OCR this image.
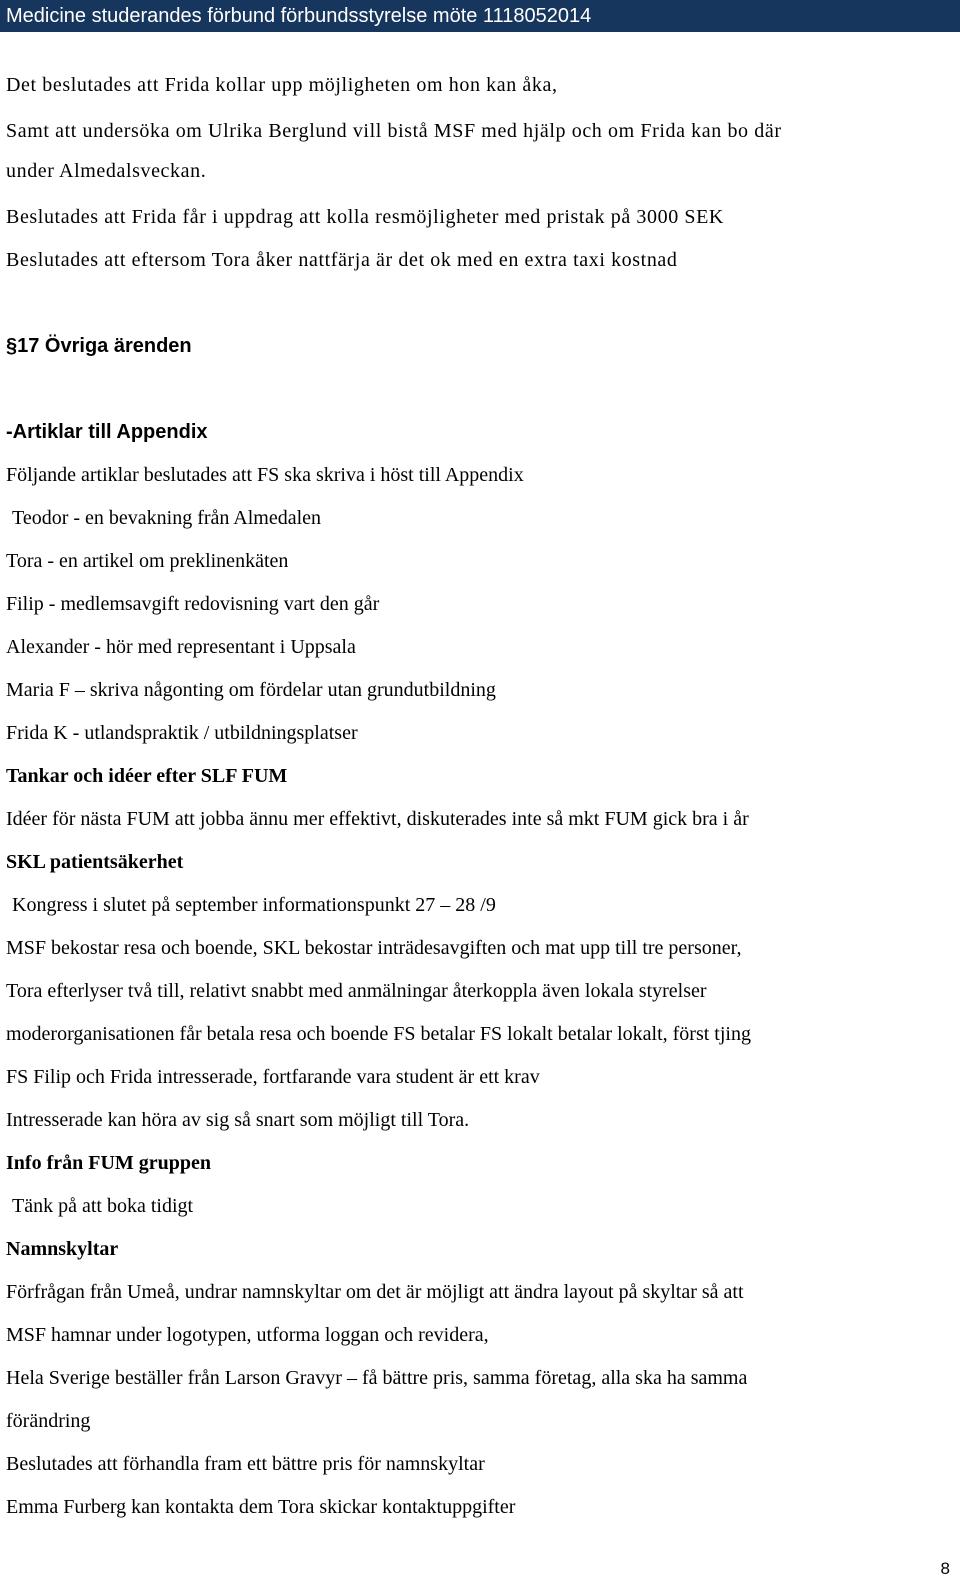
Medicine studerandes förbund förbundsstyrelse möte 1118052014
Det beslutades att Frida kollar upp möjligheten om hon kan åka,
Samt att undersöka om Ulrika Berglund vill bistå MSF med hjälp och om Frida kan bo där
under Almedalsveckan.
Beslutades att Frida får i uppdrag att kolla resmöjligheter med pristak på 3000 SEK
Beslutades att eftersom Tora åker nattfärja är det ok med en extra taxi kostnad
§17 Övriga ärenden
-Artiklar till Appendix
Följande artiklar beslutades att FS ska skriva i höst till Appendix
Teodor - en bevakning från Almedalen
Tora - en artikel om preklinenkäten
Filip - medlemsavgift redovisning vart den går
Alexander - hör med representant i Uppsala
Maria F – skriva någonting om fördelar utan grundutbildning
Frida K - utlandspraktik / utbildningsplatser
Tankar och idéer efter SLF FUM
Idéer för nästa FUM att jobba ännu mer effektivt, diskuterades inte så mkt FUM gick bra i år
SKL patientsäkerhet
Kongress i slutet på september informationspunkt 27 – 28 /9
MSF bekostar resa och boende, SKL bekostar inträdesavgiften och mat upp till tre personer,
Tora efterlyser två till, relativt snabbt med anmälningar återkoppla även lokala styrelser
moderorganisationen får betala resa och boende FS betalar FS lokalt betalar lokalt, först tjing
FS Filip och Frida intresserade, fortfarande vara student är ett krav
Intresserade kan höra av sig så snart som möjligt till Tora.
Info från FUM gruppen
Tänk på att boka tidigt
Namnskyltar
Förfrågan från Umeå, undrar namnskyltar om det är möjligt att ändra layout på skyltar så att
MSF hamnar under logotypen, utforma loggan och revidera,
Hela Sverige beställer från Larson Gravyr – få bättre pris, samma företag, alla ska ha samma
förändring
Beslutades att förhandla fram ett bättre pris för namnskyltar
Emma Furberg kan kontakta dem Tora skickar kontaktuppgifter
8
